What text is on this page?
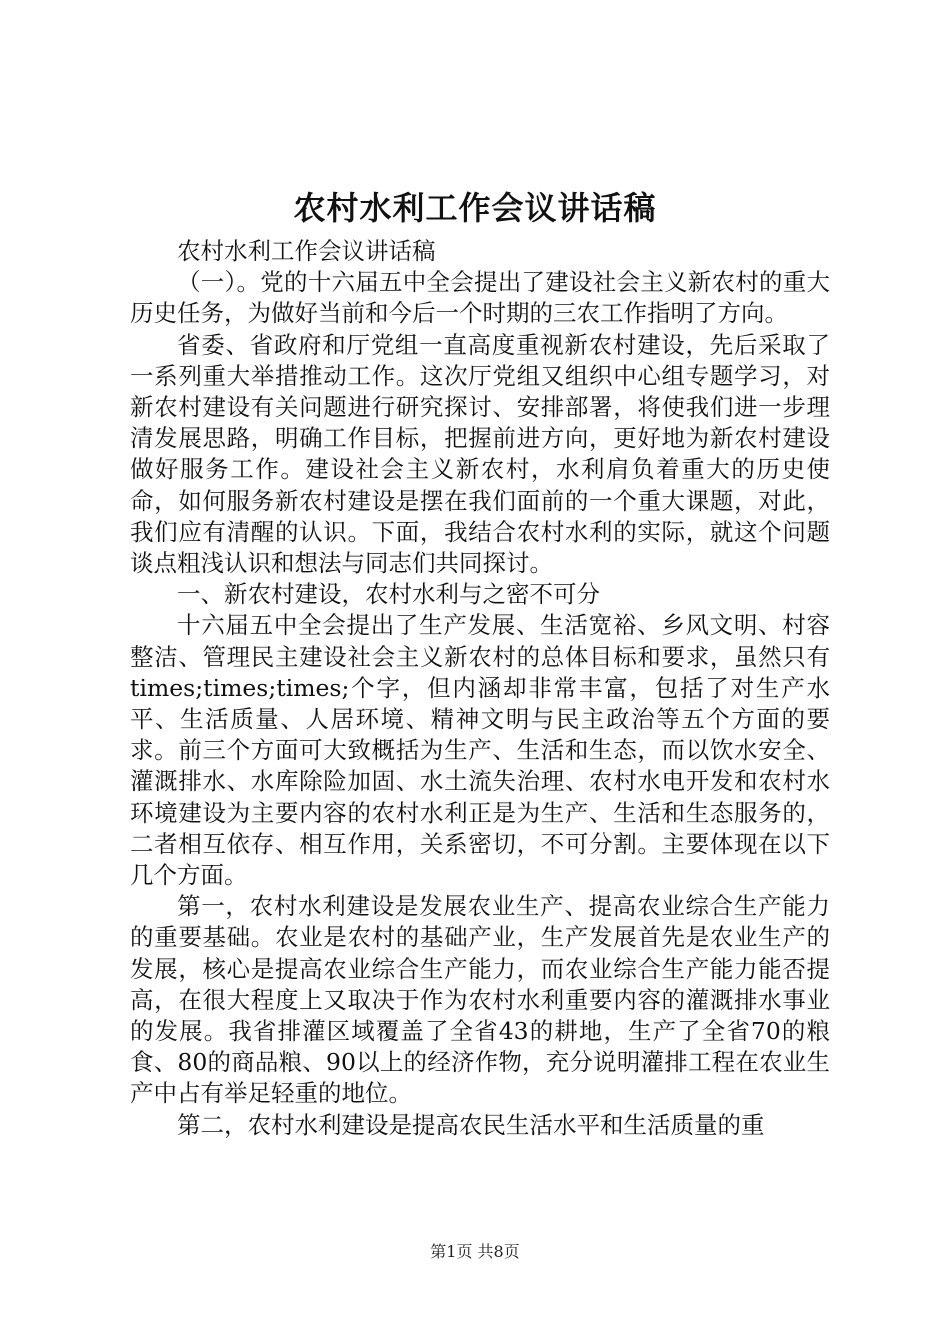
农村水利工作会议讲话稿

农村水利工作会议讲话稿

（一）。党的十六届五中全会提出了建设社会主义新农村的重大历史任务，为做好当前和今后一个时期的三农工作指明了方向。

省委、省政府和厅党组一直高度重视新农村建设，先后采取了一系列重大举措推动工作。这次厅党组又组织中心组专题学习，对新农村建设有关问题进行研究探讨、安排部署，将使我们进一步理清发展思路，明确工作目标，把握前进方向，更好地为新农村建设做好服务工作。建设社会主义新农村，水利肩负着重大的历史使命，如何服务新农村建设是摆在我们面前的一个重大课题，对此，我们应有清醒的认识。下面，我结合农村水利的实际，就这个问题谈点粗浅认识和想法与同志们共同探讨。

一、新农村建设，农村水利与之密不可分

十六届五中全会提出了生产发展、生活宽裕、乡风文明、村容整洁、管理民主建设社会主义新农村的总体目标和要求，虽然只有times;times;times;个字，但内涵却非常丰富，包括了对生产水平、生活质量、人居环境、精神文明与民主政治等五个方面的要求。前三个方面可大致概括为生产、生活和生态，而以饮水安全、灌溉排水、水库除险加固、水土流失治理、农村水电开发和农村水环境建设为主要内容的农村水利正是为生产、生活和生态服务的，二者相互依存、相互作用，关系密切，不可分割。主要体现在以下几个方面。

第一，农村水利建设是发展农业生产、提高农业综合生产能力的重要基础。农业是农村的基础产业，生产发展首先是农业生产的发展，核心是提高农业综合生产能力，而农业综合生产能力能否提高，在很大程度上又取决于作为农村水利重要内容的灌溉排水事业的发展。我省排灌区域覆盖了全省43的耕地，生产了全省70的粮食、80的商品粮、90以上的经济作物，充分说明灌排工程在农业生产中占有举足轻重的地位。

第二，农村水利建设是提高农民生活水平和生活质量的重

第1页 共8页
